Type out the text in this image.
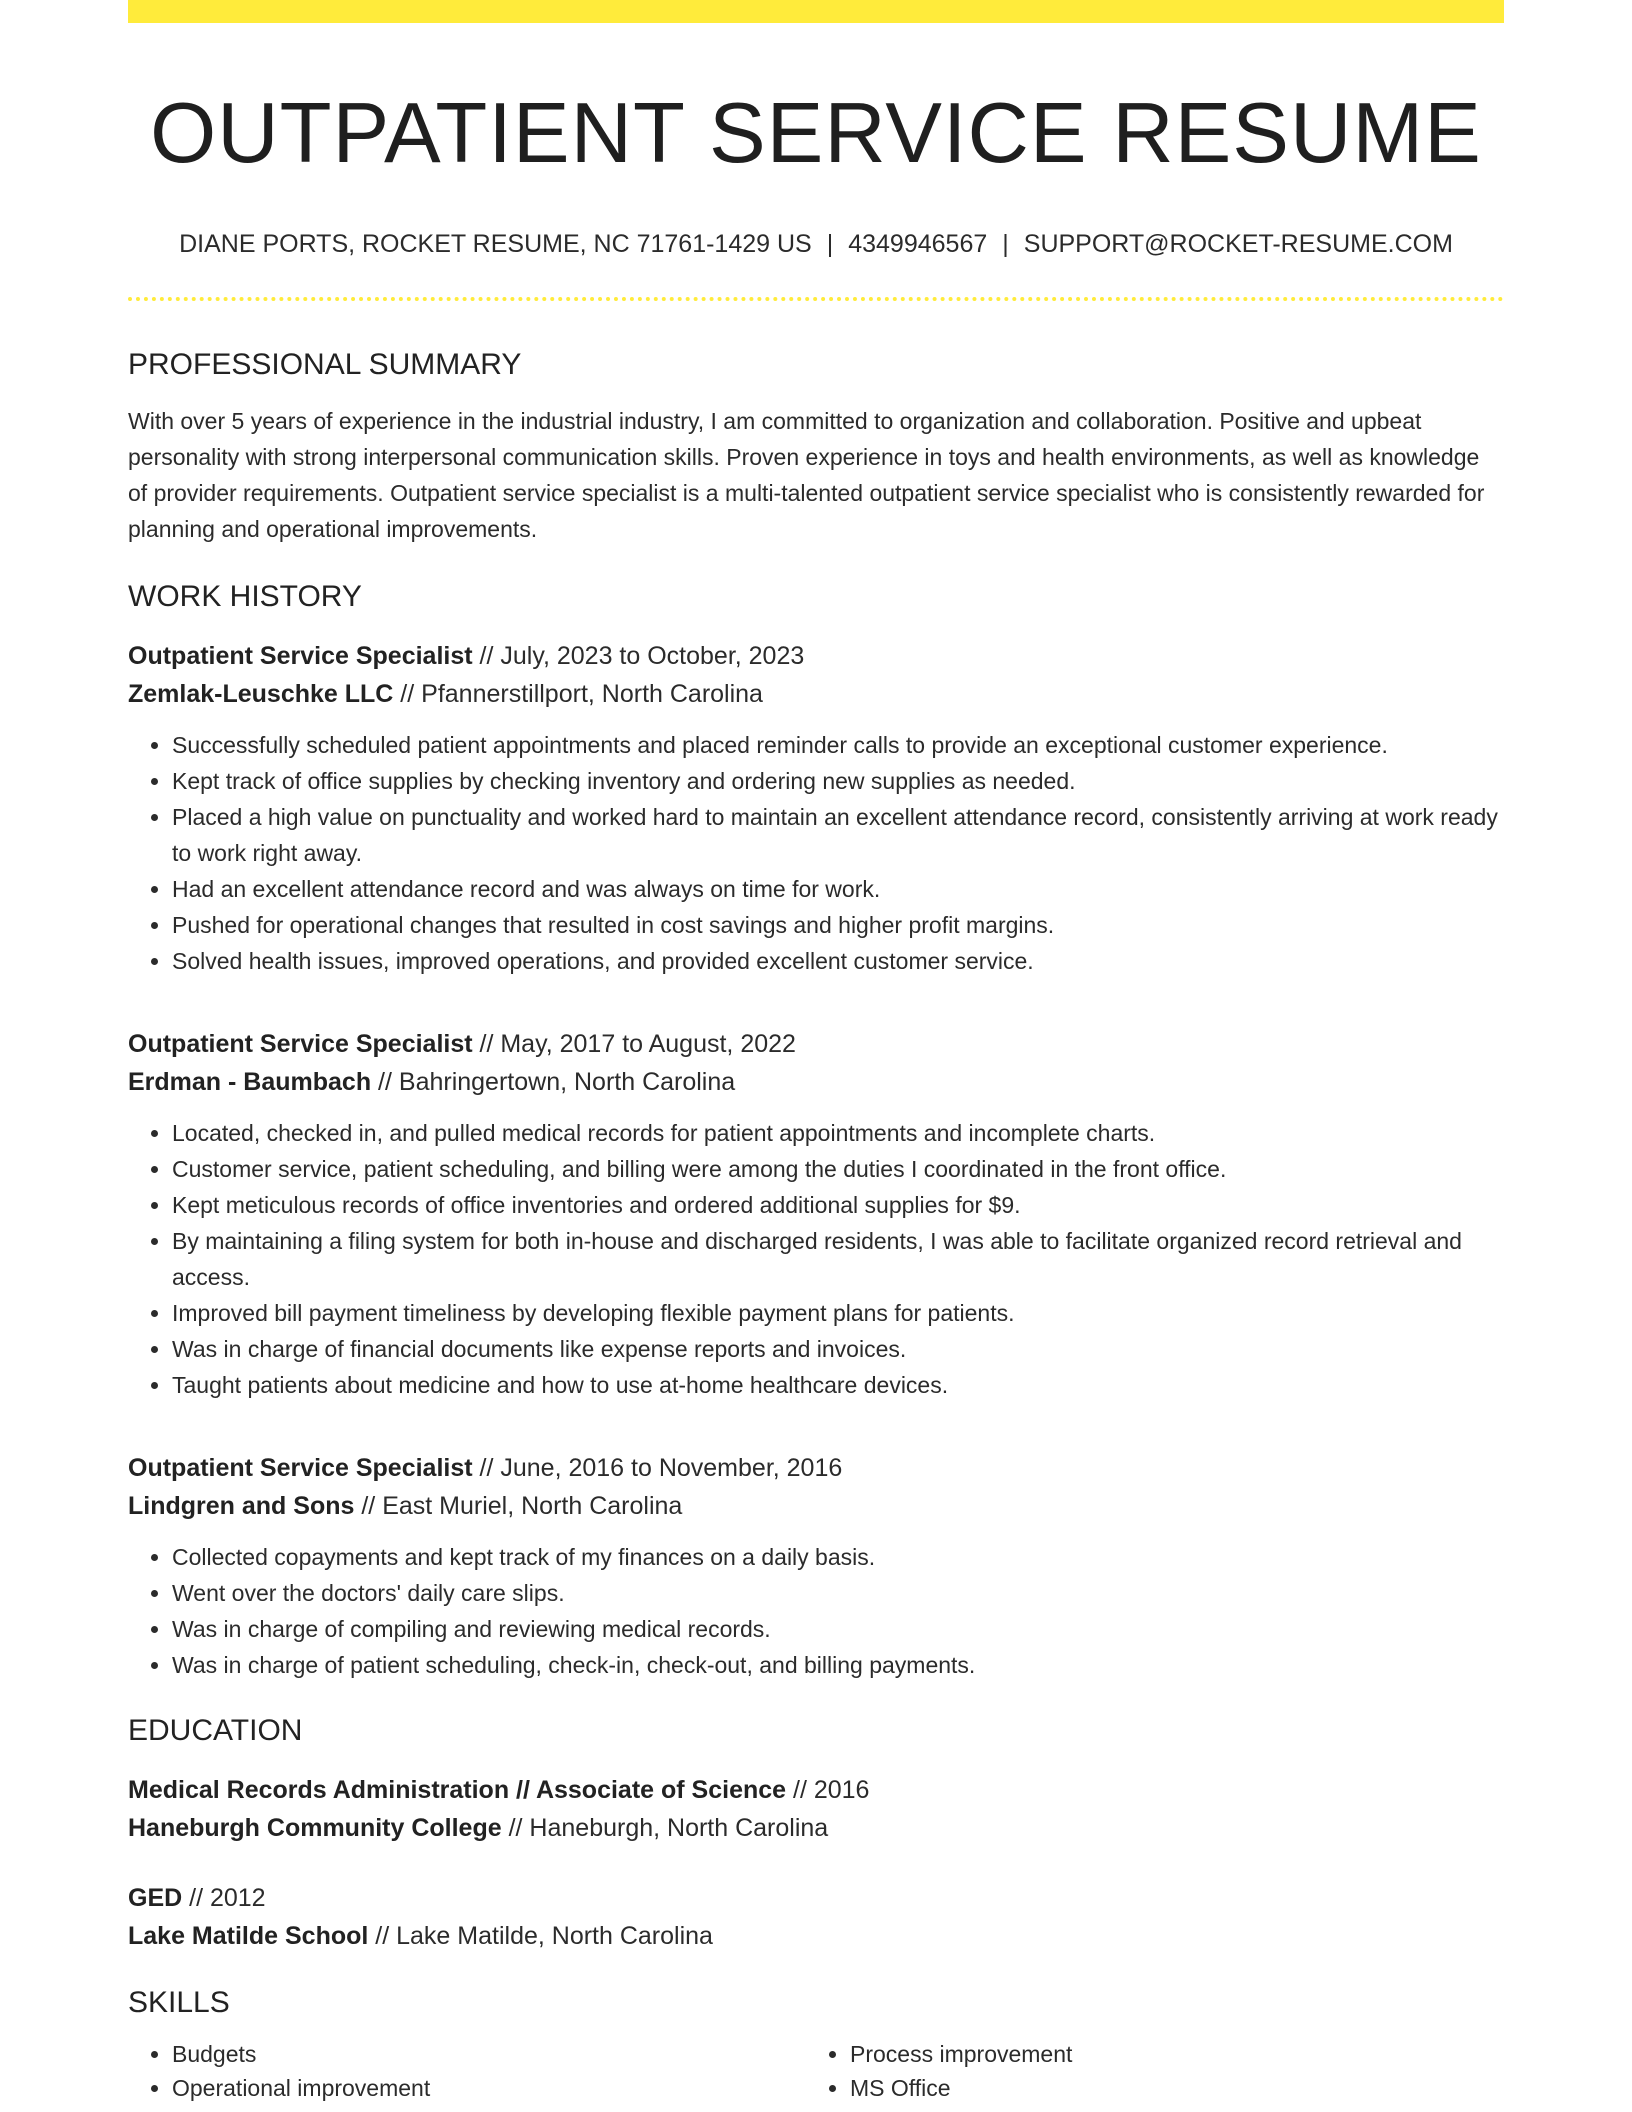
OUTPATIENT SERVICE RESUME
DIANE PORTS, ROCKET RESUME, NC 71761-1429 US | 4349946567 | SUPPORT@ROCKET-RESUME.COM
PROFESSIONAL SUMMARY

With over 5 years of experience in the industrial industry, I am committed to organization and collaboration. Positive and upbeat personality with strong interpersonal communication skills. Proven experience in toys and health environments, as well as knowledge of provider requirements. Outpatient service specialist is a multi-talented outpatient service specialist who is consistently rewarded for planning and operational improvements.

WORK HISTORY
Outpatient Service Specialist // July, 2023 to October, 2023
Zemlak-Leuschke LLC // Pfannerstillport, North Carolina
• Successfully scheduled patient appointments and placed reminder calls to provide an exceptional customer experience.
• Kept track of office supplies by checking inventory and ordering new supplies as needed.
• Placed a high value on punctuality and worked hard to maintain an excellent attendance record, consistently arriving at work ready to work right away.
• Had an excellent attendance record and was always on time for work.
• Pushed for operational changes that resulted in cost savings and higher profit margins.
• Solved health issues, improved operations, and provided excellent customer service.
Outpatient Service Specialist // May, 2017 to August, 2022
Erdman - Baumbach // Bahringertown, North Carolina
• Located, checked in, and pulled medical records for patient appointments and incomplete charts.
• Customer service, patient scheduling, and billing were among the duties I coordinated in the front office.
• Kept meticulous records of office inventories and ordered additional supplies for $9.
• By maintaining a filing system for both in-house and discharged residents, I was able to facilitate organized record retrieval and access.
• Improved bill payment timeliness by developing flexible payment plans for patients.
• Was in charge of financial documents like expense reports and invoices.
• Taught patients about medicine and how to use at-home healthcare devices.
Outpatient Service Specialist // June, 2016 to November, 2016
Lindgren and Sons // East Muriel, North Carolina
• Collected copayments and kept track of my finances on a daily basis.
• Went over the doctors' daily care slips.
• Was in charge of compiling and reviewing medical records.
• Was in charge of patient scheduling, check-in, check-out, and billing payments.
EDUCATION
Medical Records Administration // Associate of Science // 2016
Haneburgh Community College // Haneburgh, North Carolina
GED // 2012
Lake Matilde School // Lake Matilde, North Carolina
SKILLS
• Budgets
• Operational improvement
• Process improvement
• MS Office
